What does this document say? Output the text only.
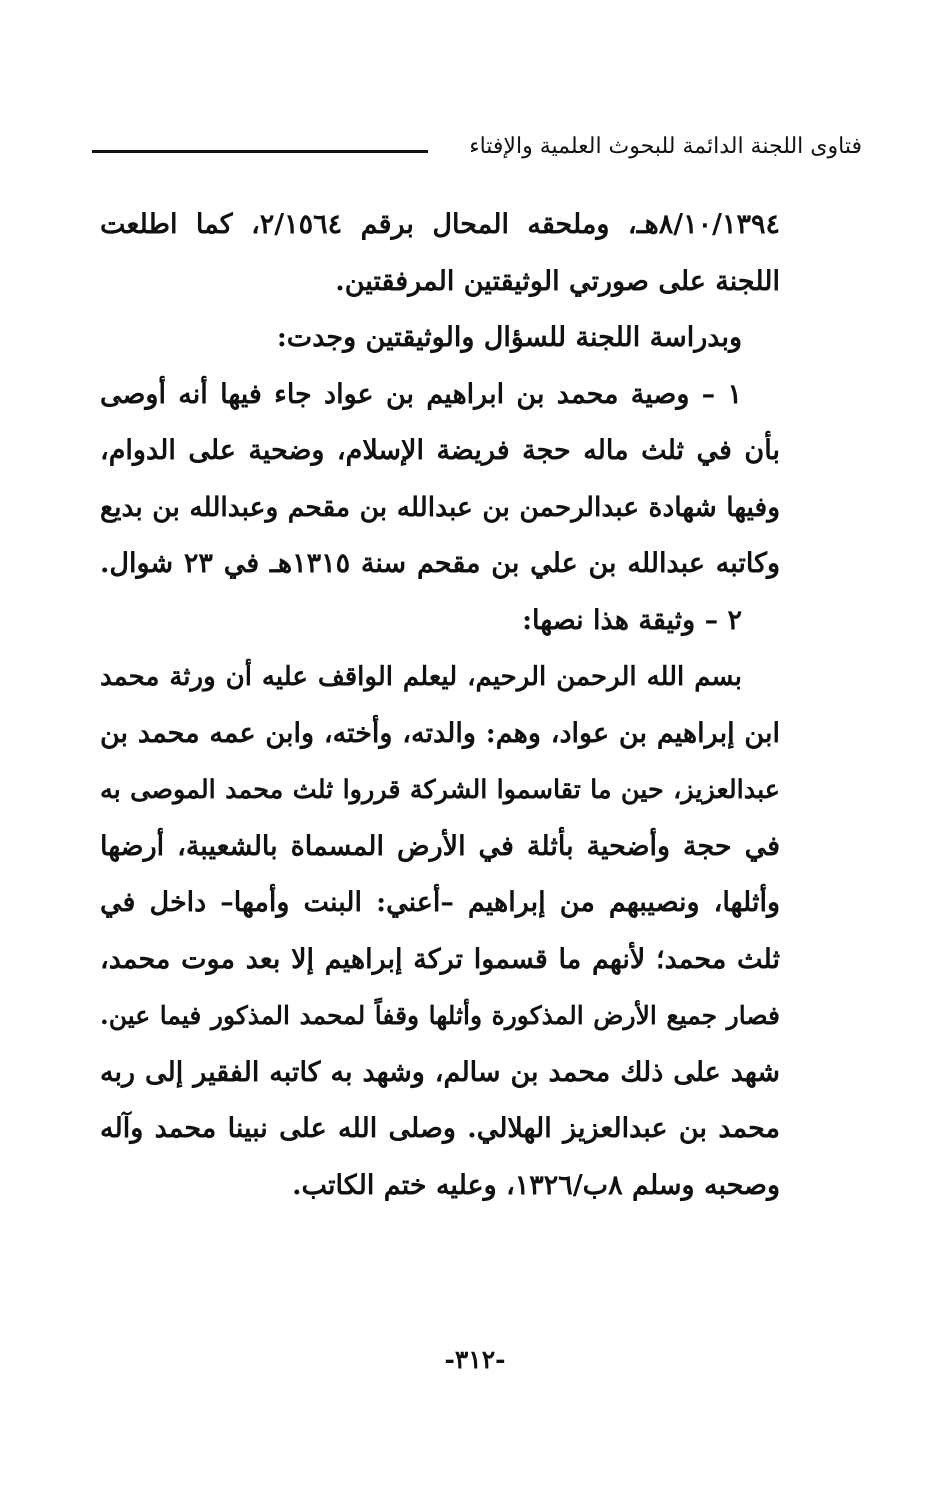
فتاوى اللجنة الدائمة للبحوث العلمية والإفتاء
٨/١٠/١٣٩٤هـ، وملحقه المحال برقم ٢/١٥٦٤، كما اطلعت
اللجنة على صورتي الوثيقتين المرفقتين.
وبدراسة اللجنة للسؤال والوثيقتين وجدت:
١ – وصية محمد بن ابراهيم بن عواد جاء فيها أنه أوصى
بأن في ثلث ماله حجة فريضة الإسلام، وضحية على الدوام،
وفيها شهادة عبدالرحمن بن عبدالله بن مقحم وعبدالله بن بديع
وكاتبه عبدالله بن علي بن مقحم سنة ١٣١٥هـ في ٢٣ شوال.
٢ – وثيقة هذا نصها:
بسم الله الرحمن الرحيم، ليعلم الواقف عليه أن ورثة محمد
ابن إبراهيم بن عواد، وهم: والدته، وأخته، وابن عمه محمد بن
عبدالعزيز، حين ما تقاسموا الشركة قرروا ثلث محمد الموصى به
في حجة وأضحية بأثلة في الأرض المسماة بالشعيبة، أرضها
وأثلها، ونصيبهم من إبراهيم –أعني: البنت وأمها– داخل في
ثلث محمد؛ لأنهم ما قسموا تركة إبراهيم إلا بعد موت محمد،
فصار جميع الأرض المذكورة وأثلها وقفاً لمحمد المذكور فيما عين.
شهد على ذلك محمد بن سالم، وشهد به كاتبه الفقير إلى ربه
محمد بن عبدالعزيز الهلالي. وصلى الله على نبينا محمد وآله
وصحبه وسلم ٨ب/١٣٢٦، وعليه ختم الكاتب.
-٣١٢-
